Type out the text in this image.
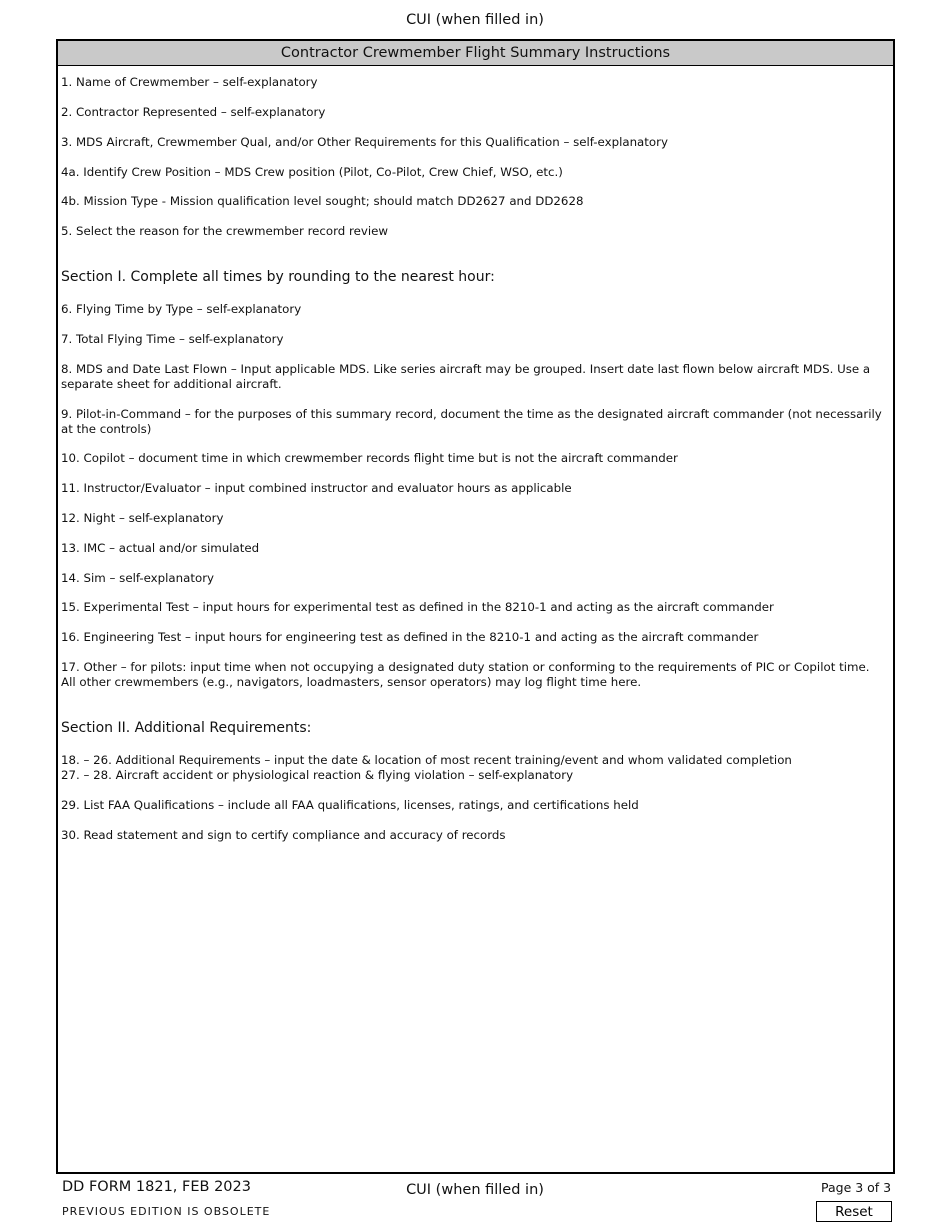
CUI (when filled in)
Contractor Crewmember Flight Summary Instructions
1. Name of Crewmember – self-explanatory
2. Contractor Represented – self-explanatory
3. MDS Aircraft, Crewmember Qual, and/or Other Requirements for this Qualification – self-explanatory
4a. Identify Crew Position – MDS Crew position (Pilot, Co-Pilot, Crew Chief, WSO, etc.)
4b. Mission Type - Mission qualification level sought; should match DD2627 and DD2628
5. Select the reason for the crewmember record review
Section I. Complete all times by rounding to the nearest hour:
6. Flying Time by Type – self-explanatory
7. Total Flying Time – self-explanatory
8. MDS and Date Last Flown – Input applicable MDS. Like series aircraft may be grouped. Insert date last flown below aircraft MDS. Use a separate sheet for additional aircraft.
9. Pilot-in-Command – for the purposes of this summary record, document the time as the designated aircraft commander (not necessarily at the controls)
10. Copilot – document time in which crewmember records flight time but is not the aircraft commander
11. Instructor/Evaluator – input combined instructor and evaluator hours as applicable
12. Night – self-explanatory
13. IMC – actual and/or simulated
14. Sim – self-explanatory
15. Experimental Test – input hours for experimental test as defined in the 8210-1 and acting as the aircraft commander
16. Engineering Test – input hours for engineering test as defined in the 8210-1 and acting as the aircraft commander
17. Other – for pilots: input time when not occupying a designated duty station or conforming to the requirements of PIC or Copilot time. All other crewmembers (e.g., navigators, loadmasters, sensor operators) may log flight time here.
Section II. Additional Requirements:
18. – 26. Additional Requirements – input the date & location of most recent training/event and whom validated completion
27. – 28. Aircraft accident or physiological reaction & flying violation – self-explanatory
29. List FAA Qualifications – include all FAA qualifications, licenses, ratings, and certifications held
30. Read statement and sign to certify compliance and accuracy of records
DD FORM 1821, FEB 2023
PREVIOUS EDITION IS OBSOLETE
CUI (when filled in)	Page 3 of 3
Reset
